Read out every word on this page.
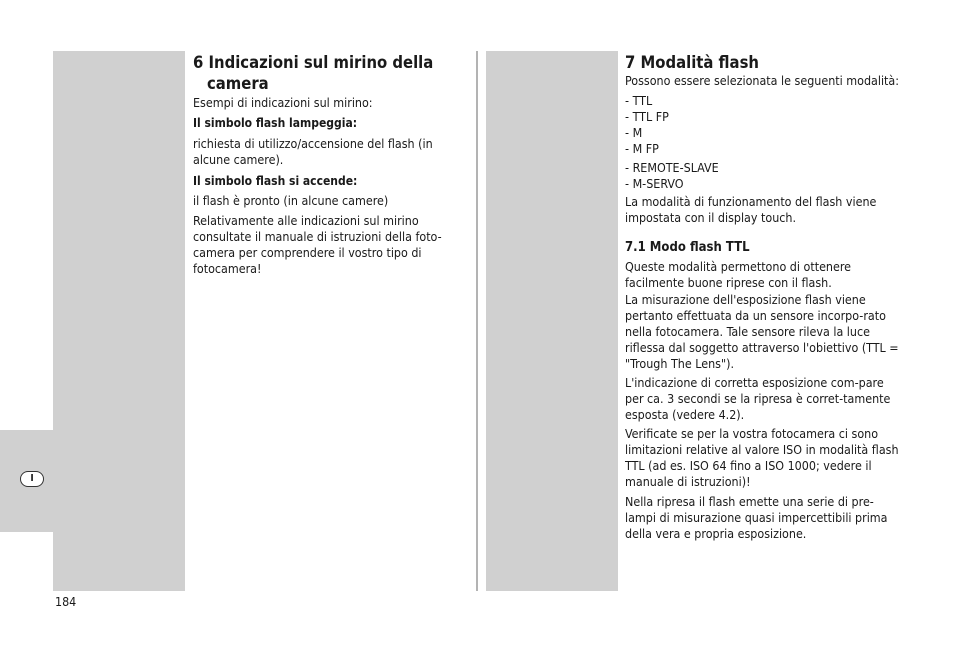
I
6 Indicazioni sul mirino della camera

Esempi di indicazioni sul mirino:

Il simbolo flash lampeggia:

richiesta di utilizzo/accensione del flash (in alcune camere).

Il simbolo flash si accende:

il flash è pronto (in alcune camere)

Relativamente alle indicazioni sul mirino consultate il manuale di istruzioni della foto-camera per comprendere il vostro tipo di fotocamera!

7 Modalità flash

Possono essere selezionata le seguenti modalità:

- TTL
- TTL FP
- M
- M FP
- REMOTE-SLAVE
- M-SERVO

La modalità di funzionamento del flash viene impostata con il display touch.

7.1 Modo flash TTL

Queste modalità permettono di ottenere facilmente buone riprese con il flash.

La misurazione dell'esposizione flash viene pertanto effettuata da un sensore incorpo-rato nella fotocamera. Tale sensore rileva la luce riflessa dal soggetto attraverso l'obiettivo (TTL = "Trough The Lens").

L'indicazione di corretta esposizione com-pare per ca. 3 secondi se la ripresa è corret-tamente esposta (vedere 4.2).

Verificate se per la vostra fotocamera ci sono limitazioni relative al valore ISO in modalità flash TTL (ad es. ISO 64 fino a ISO 1000; vedere il manuale di istruzioni)!

Nella ripresa il flash emette una serie di pre-lampi di misurazione quasi impercettibili prima della vera e propria esposizione.

184
